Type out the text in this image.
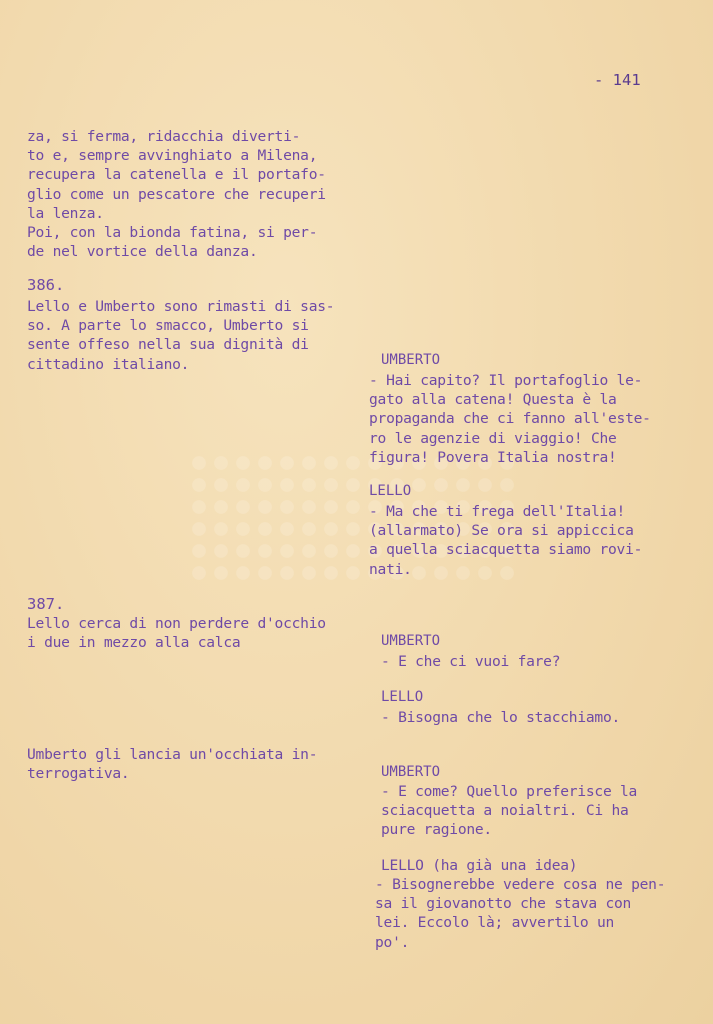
- 141
za, si ferma, ridacchia diverti-
to e, sempre avvinghiato a Milena,
recupera la catenella e il portafo-
glio come un pescatore che recuperi
la lenza.
Poi, con la bionda fatina, si per-
de nel vortice della danza.
386.
Lello e Umberto sono rimasti di sas-
so. A parte lo smacco, Umberto si
sente offeso nella sua dignità di
cittadino italiano.
387.
Lello cerca di non perdere d'occhio
i due in mezzo alla calca
Umberto gli lancia un'occhiata in-
terrogativa.
UMBERTO
- Hai capito? Il portafoglio le-
gato alla catena! Questa è la
propaganda che ci fanno all'este-
ro le agenzie di viaggio! Che
figura! Povera Italia nostra!
LELLO
- Ma che ti frega dell'Italia!
(allarmato) Se ora si appiccica
a quella sciacquetta siamo rovi-
nati.
UMBERTO
- E che ci vuoi fare?
LELLO
- Bisogna che lo stacchiamo.
UMBERTO
- E come? Quello preferisce la
sciacquetta a noialtri. Ci ha
pure ragione.
LELLO (ha già una idea)
- Bisognerebbe vedere cosa ne pen-
sa il giovanotto che stava con
lei. Eccolo là; avvertilo un
po'.
